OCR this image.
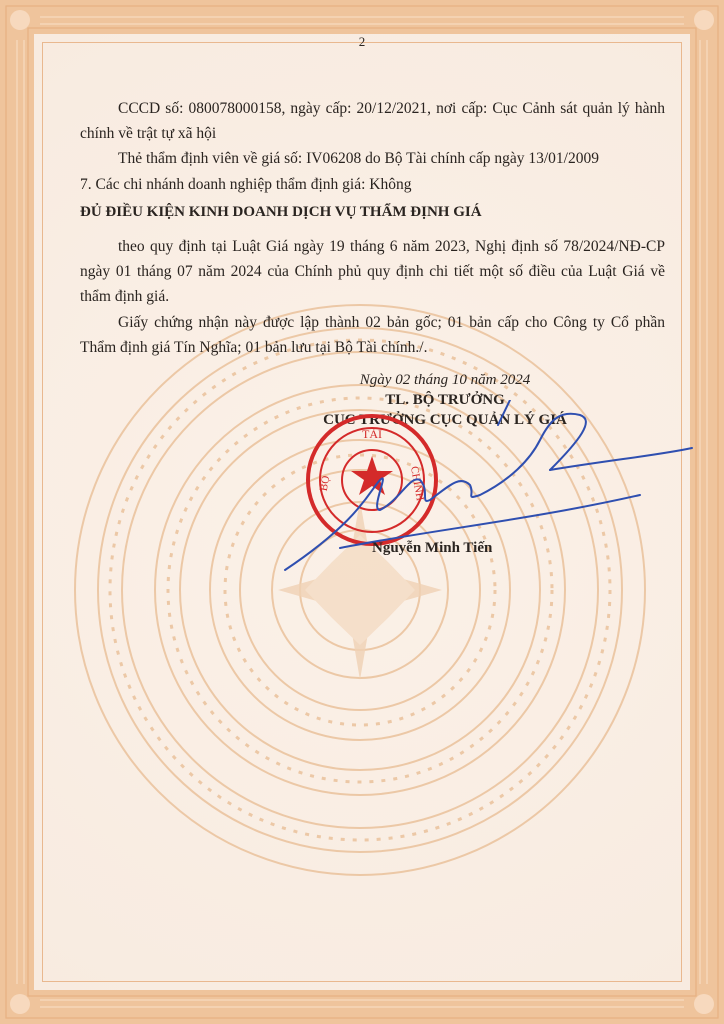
2
CCCD số: 080078000158, ngày cấp: 20/12/2021, nơi cấp: Cục Cảnh sát quản lý hành chính về trật tự xã hội
Thẻ thẩm định viên về giá số: IV06208 do Bộ Tài chính cấp ngày 13/01/2009
7. Các chi nhánh doanh nghiệp thẩm định giá: Không
ĐỦ ĐIỀU KIỆN KINH DOANH DỊCH VỤ THẨM ĐỊNH GIÁ
theo quy định tại Luật Giá ngày 19 tháng 6 năm 2023, Nghị định số 78/2024/NĐ-CP ngày 01 tháng 07 năm 2024 của Chính phủ quy định chi tiết một số điều của Luật Giá về thẩm định giá.
Giấy chứng nhận này được lập thành 02 bản gốc; 01 bản cấp cho Công ty Cổ phần Thẩm định giá Tín Nghĩa; 01 bản lưu tại Bộ Tài chính./.
Ngày 02 tháng 10 năm 2024
TL. BỘ TRƯỞNG
CỤC TRƯỞNG CỤC QUẢN LÝ GIÁ
TÀI
CHÍNH
BỘ
Nguyễn Minh Tiến
